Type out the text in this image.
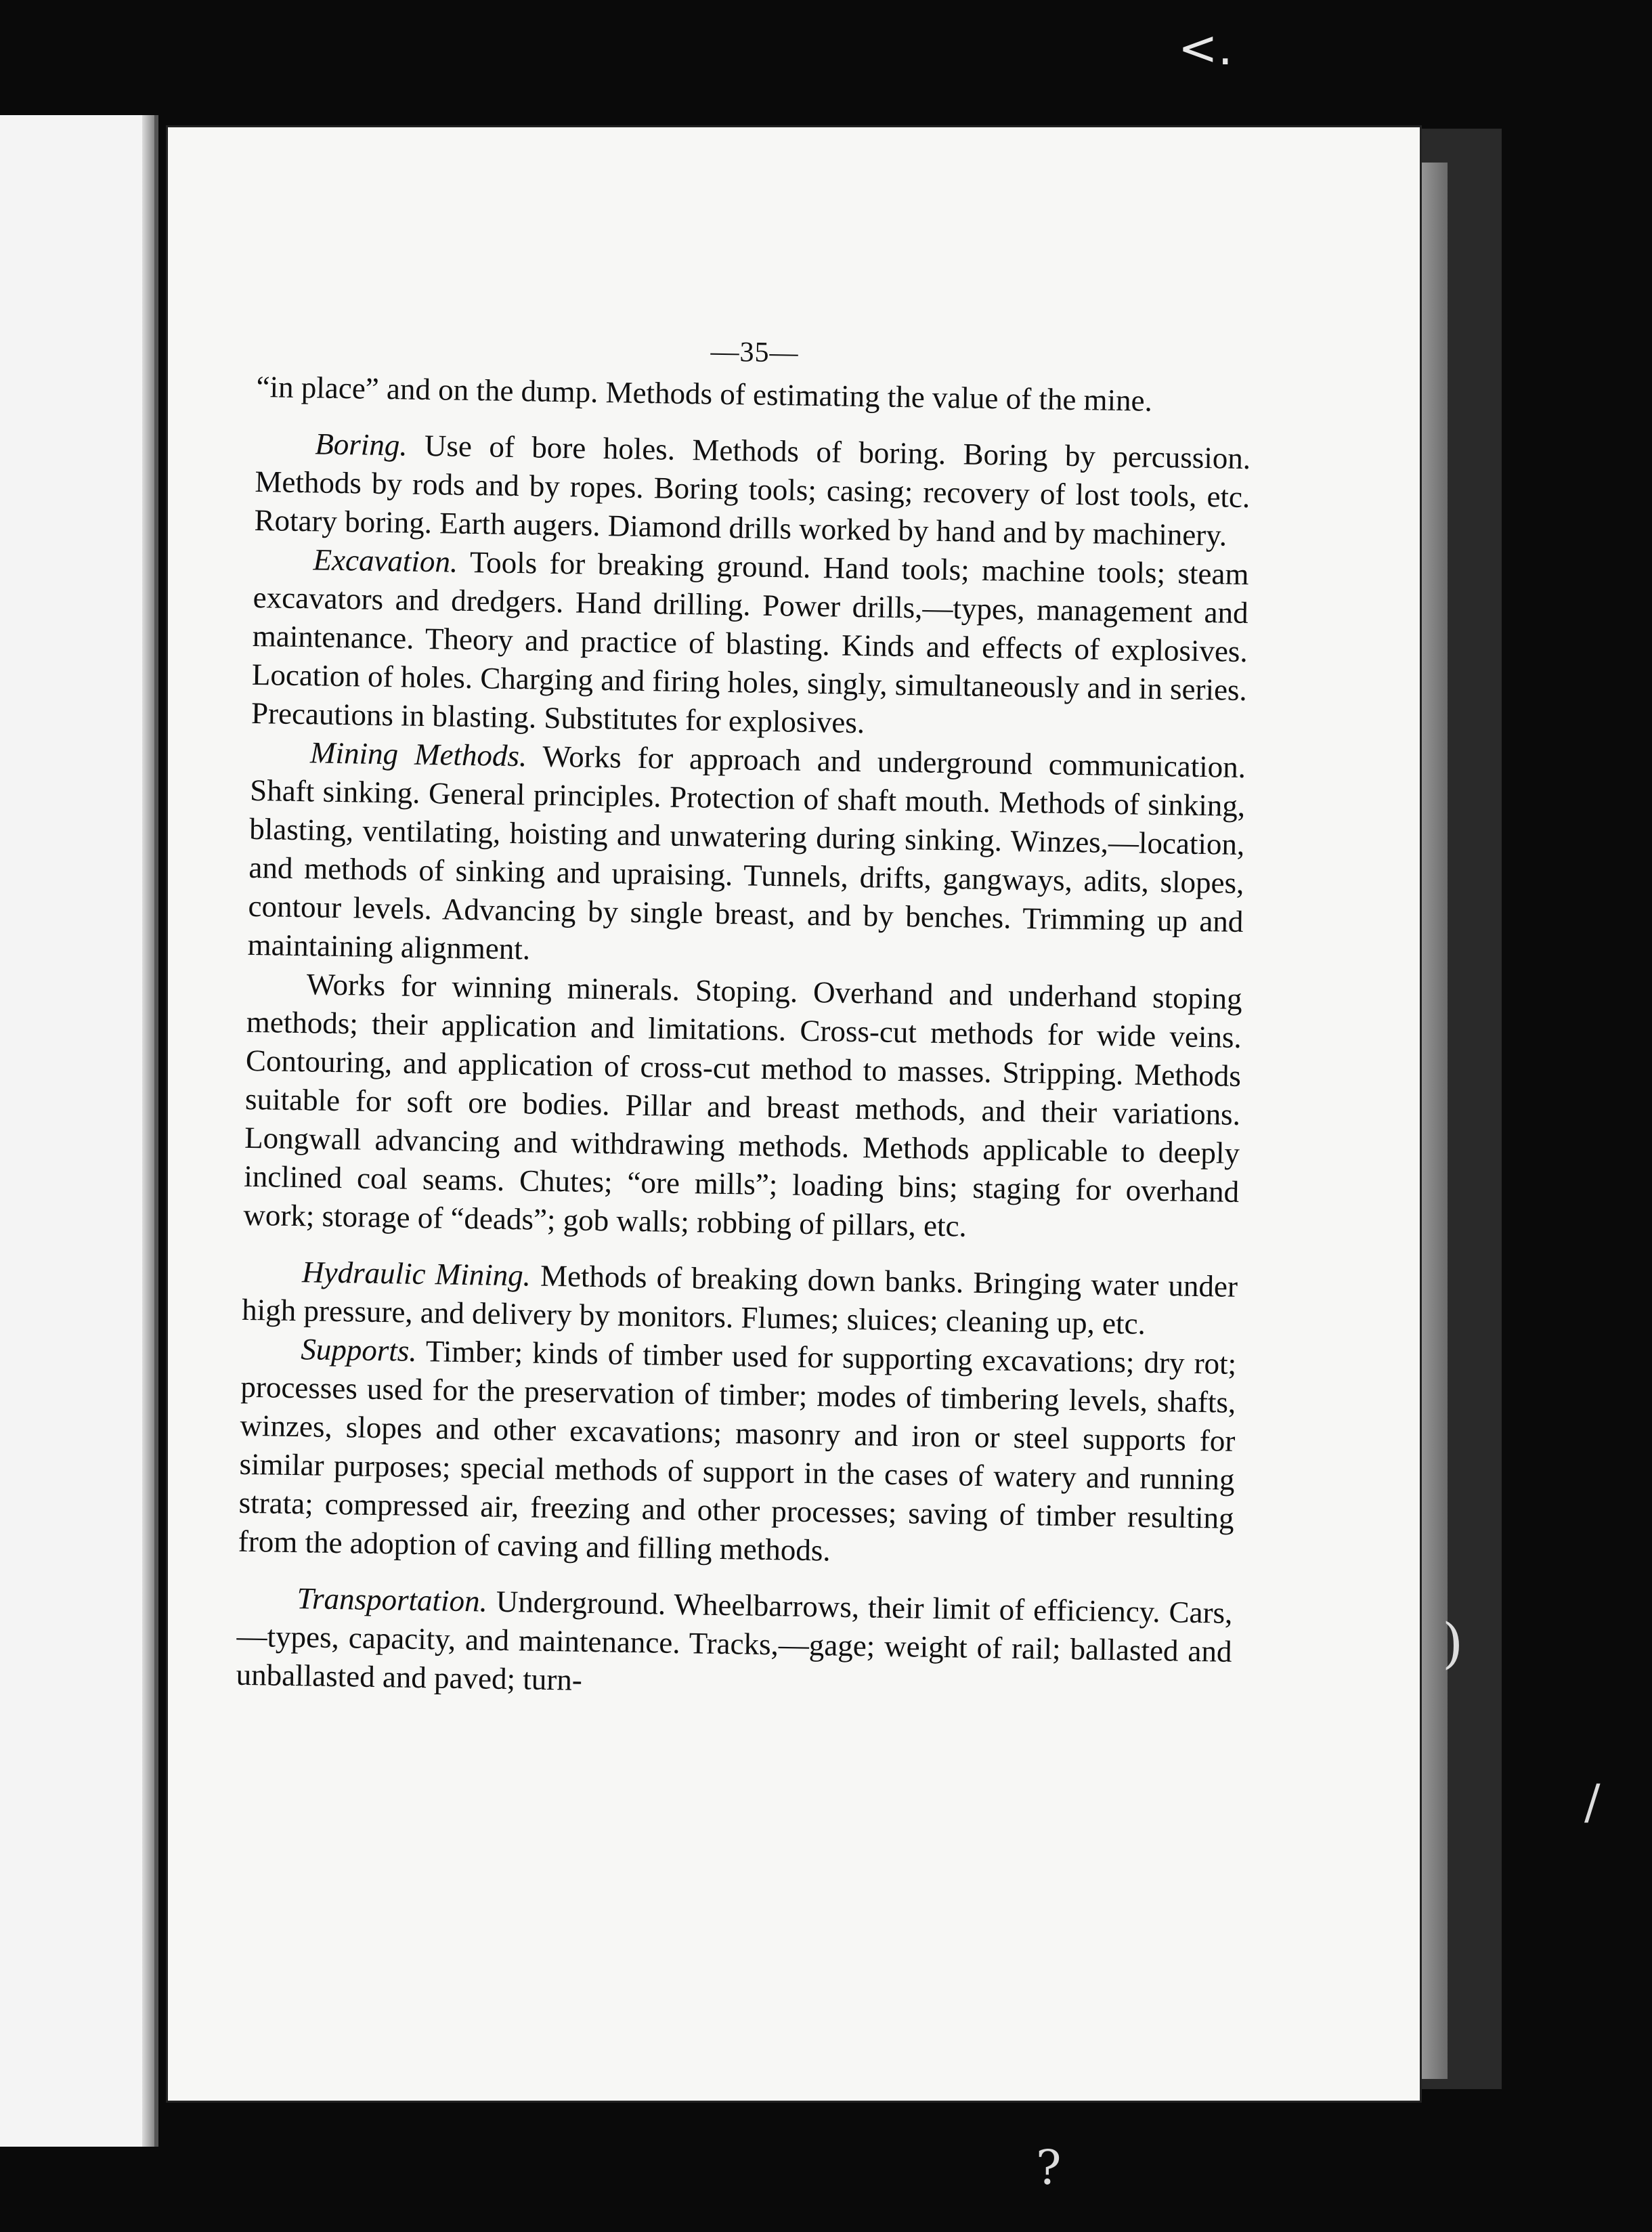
<.
)
/
?
—35—

“in place” and on the dump. Methods of estimating the value of the mine.

Boring. Use of bore holes. Methods of boring. Boring by percussion. Methods by rods and by ropes. Boring tools; casing; recovery of lost tools, etc. Rotary boring. Earth augers. Diamond drills worked by hand and by machinery.

Excavation. Tools for breaking ground. Hand tools; machine tools; steam excavators and dredgers. Hand drilling. Power drills,—types, management and maintenance. Theory and practice of blasting. Kinds and effects of explosives. Location of holes. Charging and firing holes, singly, simultaneously and in series. Precautions in blasting. Substitutes for explosives.

Mining Methods. Works for approach and underground communication. Shaft sinking. General principles. Protection of shaft mouth. Methods of sinking, blasting, ventilating, hoisting and unwatering during sinking. Winzes,—location, and methods of sinking and upraising. Tunnels, drifts, gangways, adits, slopes, contour levels. Advancing by single breast, and by benches. Trimming up and maintaining alignment.

Works for winning minerals. Stoping. Overhand and underhand stoping methods; their application and limitations. Cross-cut methods for wide veins. Contouring, and application of cross-cut method to masses. Stripping. Methods suitable for soft ore bodies. Pillar and breast methods, and their variations. Longwall advancing and withdrawing methods. Methods applicable to deeply inclined coal seams. Chutes; “ore mills”; loading bins; staging for overhand work; storage of “deads”; gob walls; robbing of pillars, etc.

Hydraulic Mining. Methods of breaking down banks. Bringing water under high pressure, and delivery by monitors. Flumes; sluices; cleaning up, etc.

Supports. Timber; kinds of timber used for supporting excavations; dry rot; processes used for the preservation of timber; modes of timbering levels, shafts, winzes, slopes and other excavations; masonry and iron or steel supports for similar purposes; special methods of support in the cases of watery and running strata; compressed air, freezing and other processes; saving of timber resulting from the adoption of caving and filling methods.

Transportation. Underground. Wheelbarrows, their limit of efficiency. Cars,—types, capacity, and maintenance. Tracks,—gage; weight of rail; ballasted and unballasted and paved; turn-
